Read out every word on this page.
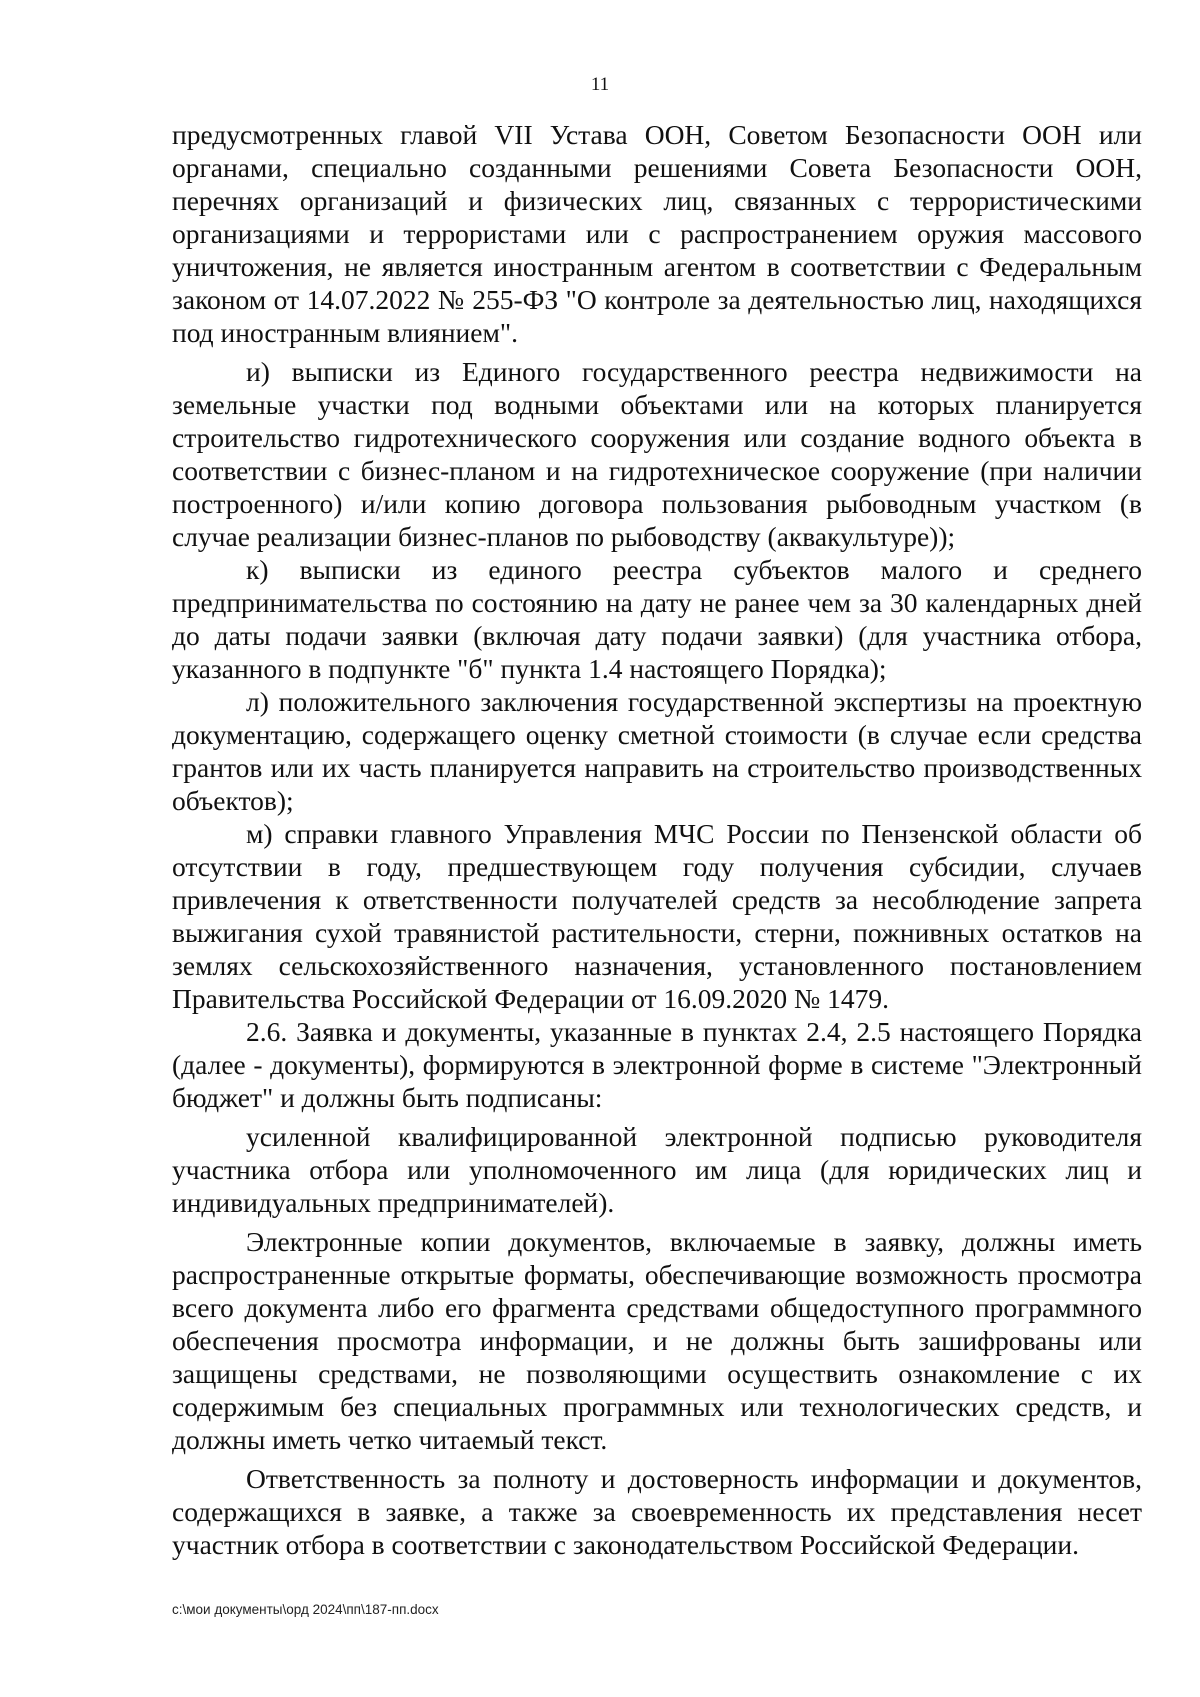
11

предусмотренных главой VII Устава ООН, Советом Безопасности ООН или органами, специально созданными решениями Совета Безопасности ООН, перечнях организаций и физических лиц, связанных с террористическими организациями и террористами или с распространением оружия массового уничтожения, не является иностранным агентом в соответствии с Федеральным законом от 14.07.2022 № 255-ФЗ "О контроле за деятельностью лиц, находящихся под иностранным влиянием".

и) выписки из Единого государственного реестра недвижимости на земельные участки под водными объектами или на которых планируется строительство гидротехнического сооружения или создание водного объекта в соответствии с бизнес-планом и на гидротехническое сооружение (при наличии построенного) и/или копию договора пользования рыбоводным участком (в случае реализации бизнес-планов по рыбоводству (аквакультуре));

к) выписки из единого реестра субъектов малого и среднего предпринимательства по состоянию на дату не ранее чем за 30 календарных дней до даты подачи заявки (включая дату подачи заявки) (для участника отбора, указанного в подпункте "б" пункта 1.4 настоящего Порядка);

л) положительного заключения государственной экспертизы на проектную документацию, содержащего оценку сметной стоимости (в случае если средства грантов или их часть планируется направить на строительство производственных объектов);

м) справки главного Управления МЧС России по Пензенской области об отсутствии в году, предшествующем году получения субсидии, случаев привлечения к ответственности получателей средств за несоблюдение запрета выжигания сухой травянистой растительности, стерни, пожнивных остатков на землях сельскохозяйственного назначения, установленного постановлением Правительства Российской Федерации от 16.09.2020 № 1479.

2.6. Заявка и документы, указанные в пунктах 2.4, 2.5 настоящего Порядка (далее - документы), формируются в электронной форме в системе "Электронный бюджет" и должны быть подписаны:

усиленной квалифицированной электронной подписью руководителя участника отбора или уполномоченного им лица (для юридических лиц и индивидуальных предпринимателей).

Электронные копии документов, включаемые в заявку, должны иметь распространенные открытые форматы, обеспечивающие возможность просмотра всего документа либо его фрагмента средствами общедоступного программного обеспечения просмотра информации, и не должны быть зашифрованы или защищены средствами, не позволяющими осуществить ознакомление с их содержимым без специальных программных или технологических средств, и должны иметь четко читаемый текст.

Ответственность за полноту и достоверность информации и документов, содержащихся в заявке, а также за своевременность их представления несет участник отбора в соответствии с законодательством Российской Федерации.

c:\мои документы\орд 2024\пп\187-пп.docx
